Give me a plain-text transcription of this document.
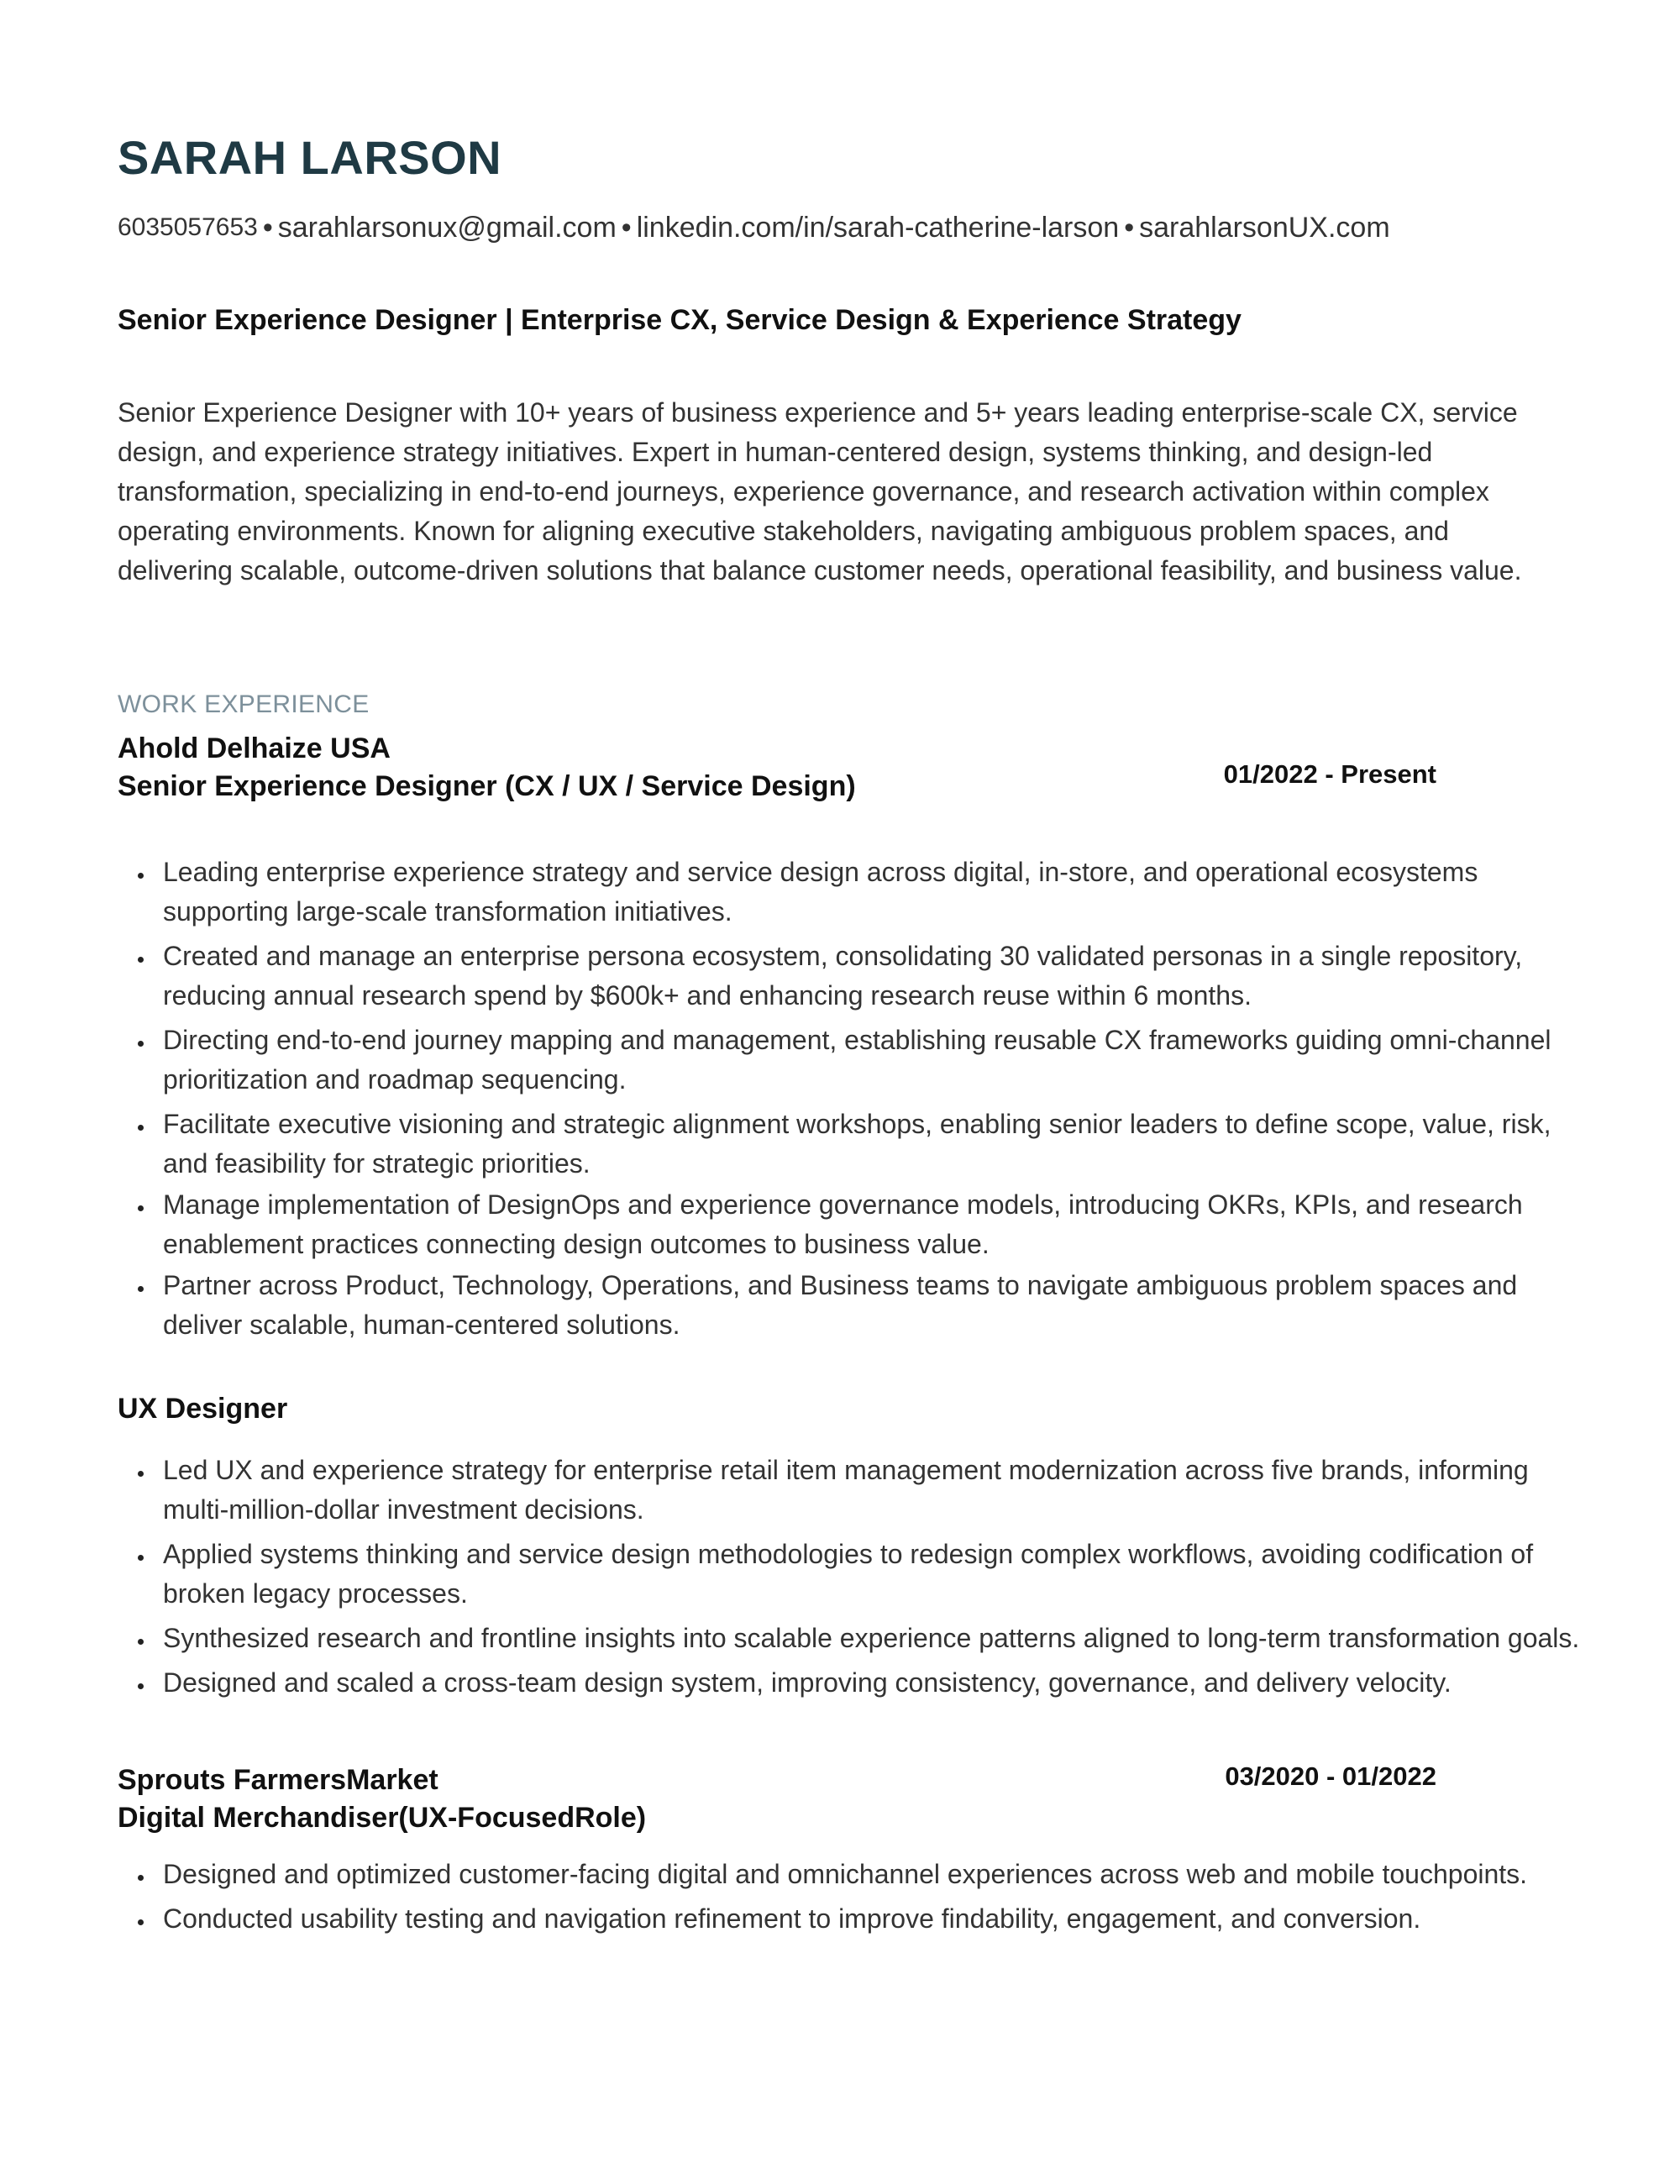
SARAH LARSON
6035057653 • sarahlarsonux@gmail.com • linkedin.com/in/sarah-catherine-larson • sarahlarsonUX.com
Senior Experience Designer | Enterprise CX, Service Design & Experience Strategy

Senior Experience Designer with 10+ years of business experience and 5+ years leading enterprise-scale CX, service design, and experience strategy initiatives. Expert in human-centered design, systems thinking, and design-led transformation, specializing in end-to-end journeys, experience governance, and research activation within complex operating environments. Known for aligning executive stakeholders, navigating ambiguous problem spaces, and delivering scalable, outcome-driven solutions that balance customer needs, operational feasibility, and business value.

WORK EXPERIENCE
Ahold Delhaize USA
Senior Experience Designer (CX / UX / Service Design)	01/2022 - Present
Leading enterprise experience strategy and service design across digital, in-store, and operational ecosystems supporting large-scale transformation initiatives.
Created and manage an enterprise persona ecosystem, consolidating 30 validated personas in a single repository, reducing annual research spend by $600k+ and enhancing research reuse within 6 months.
Directing end-to-end journey mapping and management, establishing reusable CX frameworks guiding omni-channel prioritization and roadmap sequencing.
Facilitate executive visioning and strategic alignment workshops, enabling senior leaders to define scope, value, risk, and feasibility for strategic priorities.
Manage implementation of DesignOps and experience governance models, introducing OKRs, KPIs, and research enablement practices connecting design outcomes to business value.
Partner across Product, Technology, Operations, and Business teams to navigate ambiguous problem spaces and deliver scalable, human-centered solutions.
UX Designer
Led UX and experience strategy for enterprise retail item management modernization across five brands, informing multi-million-dollar investment decisions.
Applied systems thinking and service design methodologies to redesign complex workflows, avoiding codification of broken legacy processes.
Synthesized research and frontline insights into scalable experience patterns aligned to long-term transformation goals.
Designed and scaled a cross-team design system, improving consistency, governance, and delivery velocity.
Sprouts FarmersMarket
Digital Merchandiser(UX-FocusedRole)
03/2020 - 01/2022
Designed and optimized customer-facing digital and omnichannel experiences across web and mobile touchpoints.
Conducted usability testing and navigation refinement to improve findability, engagement, and conversion.
